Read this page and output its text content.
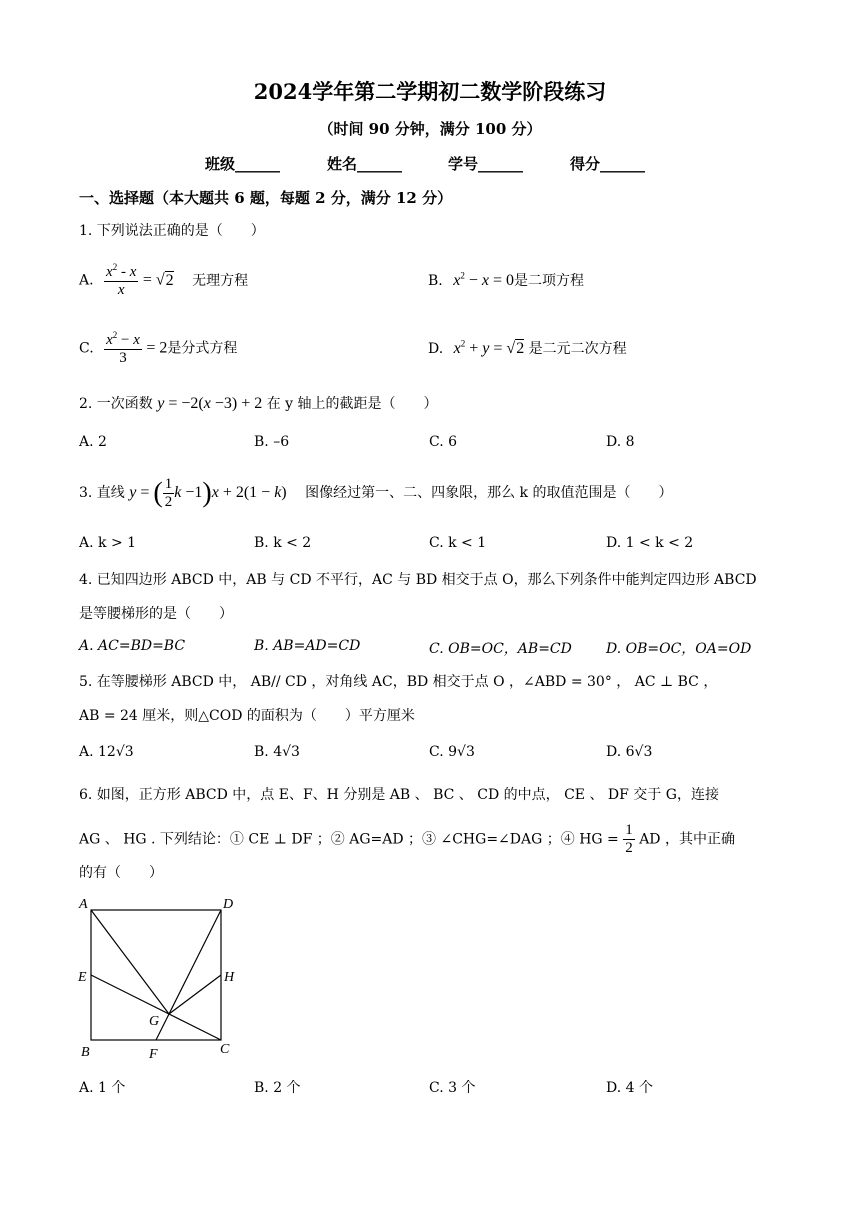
2024学年第二学期初二数学阶段练习
（时间 90 分钟，满分 100 分）
班级______	姓名______	学号______	得分______
一、选择题（本大题共 6 题，每题 2 分，满分 12 分）
1. 下列说法正确的是（　　）
A. $\frac{x^2 - x}{x} = √2$ 无理方程	B. $x^2 - x = 0$是二项方程
C. $\frac{x^2 - x}{3} = 2$是分式方程	D. $x^2 + y = √2$ 是二元二次方程
2. 一次函数 y = −2(x −3) + 2 在 y 轴上的截距是（　　）
A. 2	B. –6	C. 6	D. 8
3. 直线 y = ( $\frac{1}{2}$ k −1)x + 2(1 − k) 图像经过第一、二、四象限，那么 k 的取值范围是（　　）
A. k > 1	B. k < 2	C. k < 1	D. 1 < k < 2
4. 已知四边形 ABCD 中，AB 与 CD 不平行，AC 与 BD 相交于点 O，那么下列条件中能判定四边形 ABCD
是等腰梯形的是（　　）
A. AC=BD=BC	B. AB=AD=CD	C. OB=OC，AB=CD D. OB=OC，OA=OD
5. 在等腰梯形 ABCD 中， AB// CD ，对角线 AC，BD 相交于点 O ，∠ABD = 30° ， AC ⊥ BC ，
AB = 24 厘米，则△COD 的面积为（　　）平方厘米
A. 12√3	B. 4√3	C. 9√3	D. 6√3
6. 如图，正方形 ABCD 中，点 E、F、H 分别是 AB 、 BC 、 CD 的中点， CE 、 DF 交于 G，连接
AG 、 HG . 下列结论：① CE ⊥ DF ；② AG=AD ；③ ∠CHG=∠DAG ；④ HG = $\frac{1}{2}$ AD ，其中正确
的有（　　）
A	D
E	H
G
B	F	C
A. 1 个	B. 2 个	C. 3 个	D. 4 个
